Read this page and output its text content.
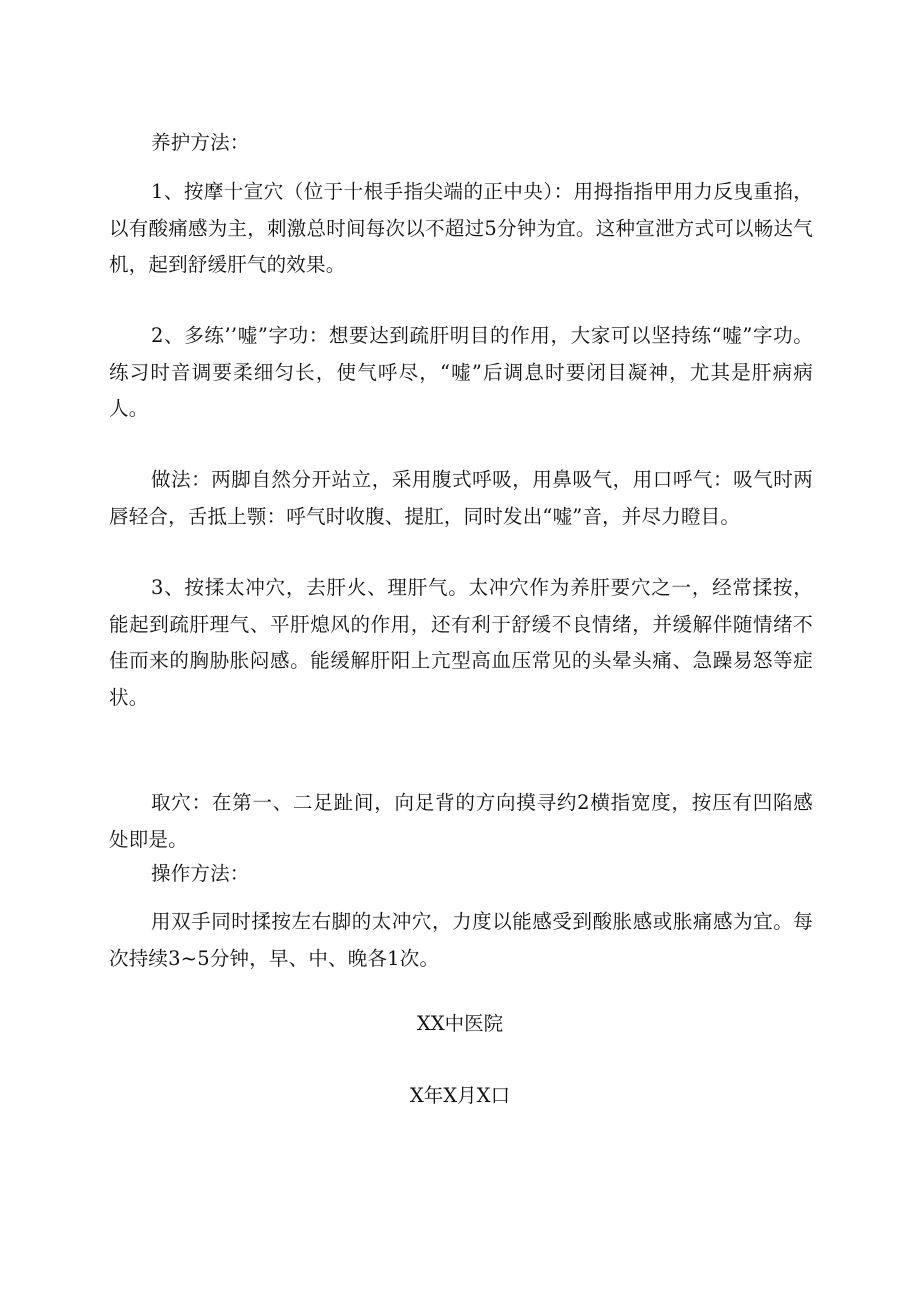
养护方法：

1、按摩十宣穴（位于十根手指尖端的正中央）：用拇指指甲用力反曳重掐，以有酸痛感为主，刺激总时间每次以不超过5分钟为宜。这种宣泄方式可以畅达气机，起到舒缓肝气的效果。

2、多练’’嘘”字功：想要达到疏肝明目的作用，大家可以坚持练“嘘”字功。练习时音调要柔细匀长，使气呼尽，“嘘”后调息时要闭目凝神，尤其是肝病病人。

做法：两脚自然分开站立，采用腹式呼吸，用鼻吸气，用口呼气：吸气时两唇轻合，舌抵上颚：呼气时收腹、提肛，同时发出“嘘”音，并尽力瞪目。

3、按揉太冲穴，去肝火、理肝气。太冲穴作为养肝要穴之一，经常揉按，能起到疏肝理气、平肝熄风的作用，还有利于舒缓不良情绪，并缓解伴随情绪不佳而来的胸胁胀闷感。能缓解肝阳上亢型高血压常见的头晕头痛、急躁易怒等症状。

取穴：在第一、二足趾间，向足背的方向摸寻约2横指宽度，按压有凹陷感处即是。

操作方法：

用双手同时揉按左右脚的太冲穴，力度以能感受到酸胀感或胀痛感为宜。每次持续3~5分钟，早、中、晚各1次。

XX中医院

X年X月X口
